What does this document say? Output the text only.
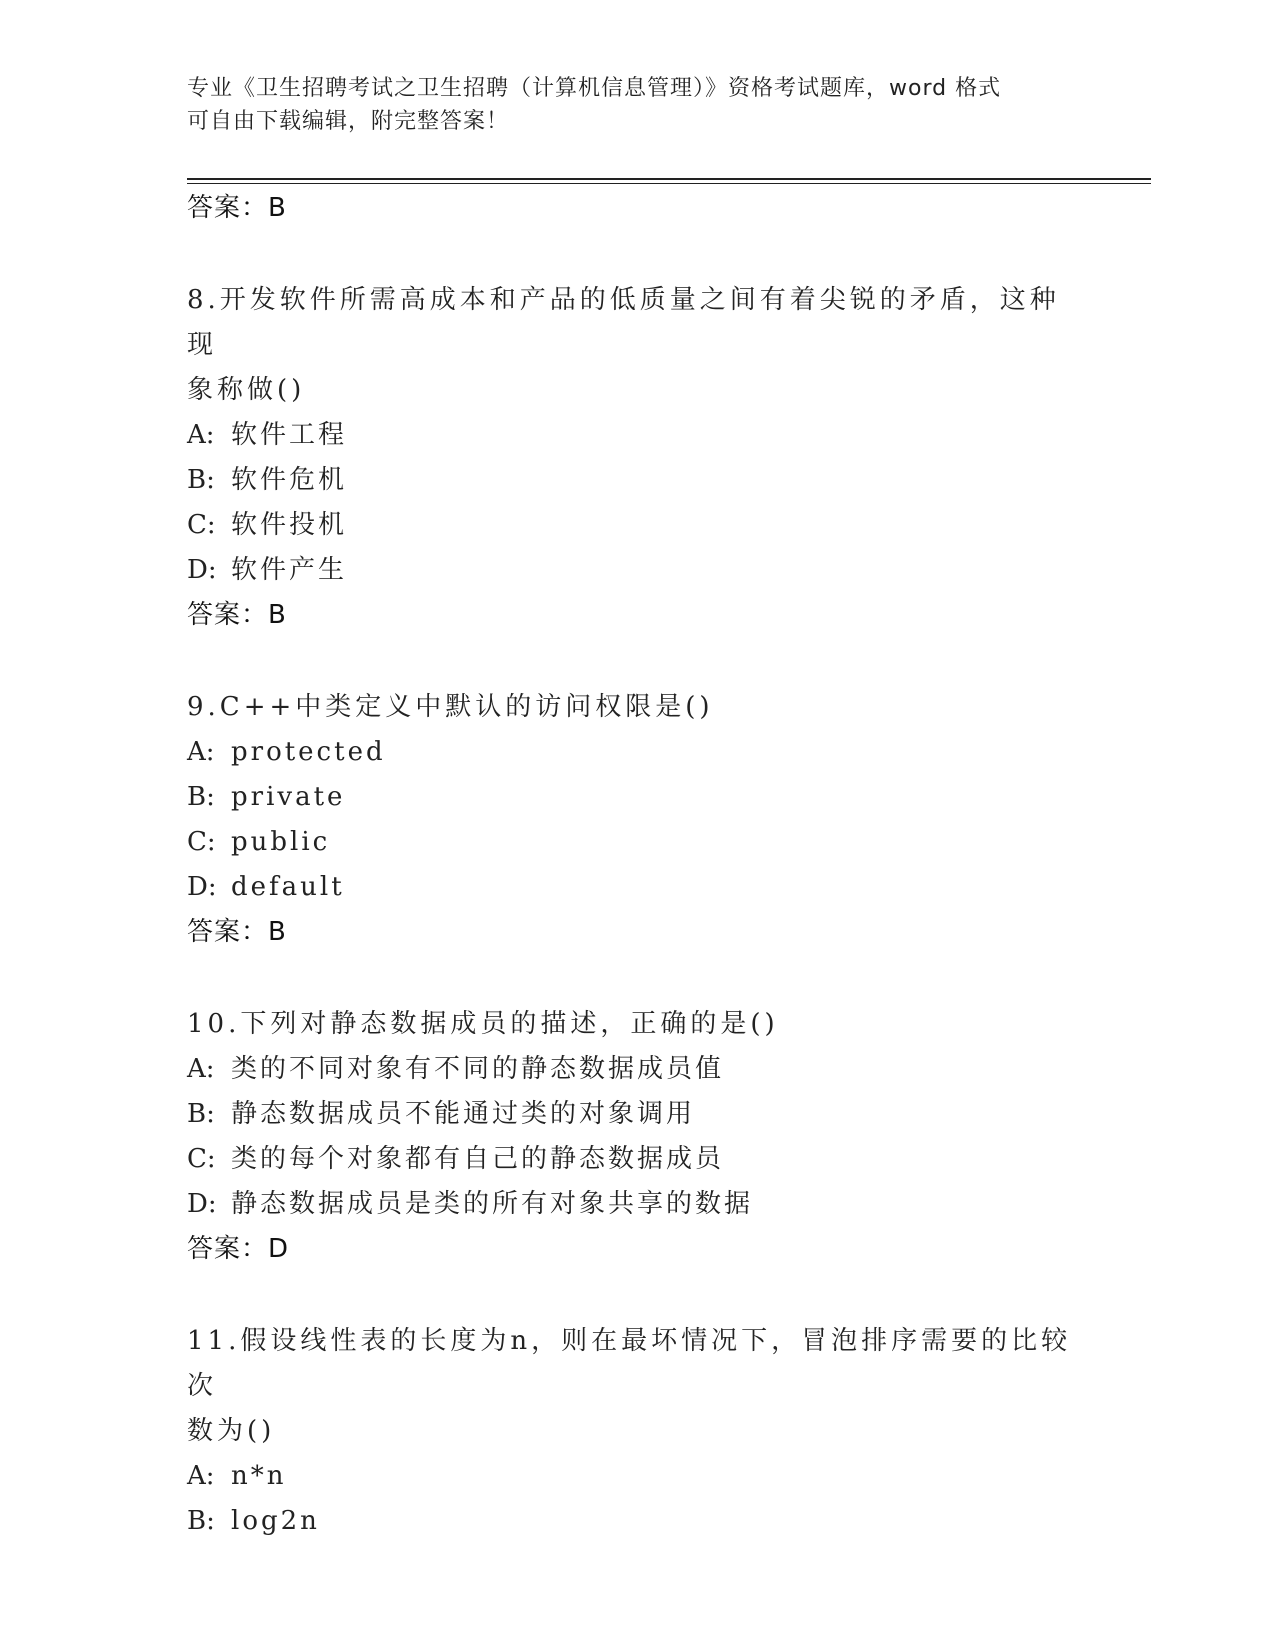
专业《卫生招聘考试之卫生招聘（计算机信息管理）》资格考试题库，word 格式
可自由下载编辑，附完整答案！
答案：B
8.开发软件所需高成本和产品的低质量之间有着尖锐的矛盾，这种现
象称做()
A: 软件工程
B: 软件危机
C: 软件投机
D: 软件产生
答案：B
9.C++中类定义中默认的访问权限是()
A: protected
B: private
C: public
D: default
答案：B
10.下列对静态数据成员的描述，正确的是()
A: 类的不同对象有不同的静态数据成员值
B: 静态数据成员不能通过类的对象调用
C: 类的每个对象都有自己的静态数据成员
D: 静态数据成员是类的所有对象共享的数据
答案：D
11.假设线性表的长度为n，则在最坏情况下，冒泡排序需要的比较次
数为()
A: n*n
B: log2n
